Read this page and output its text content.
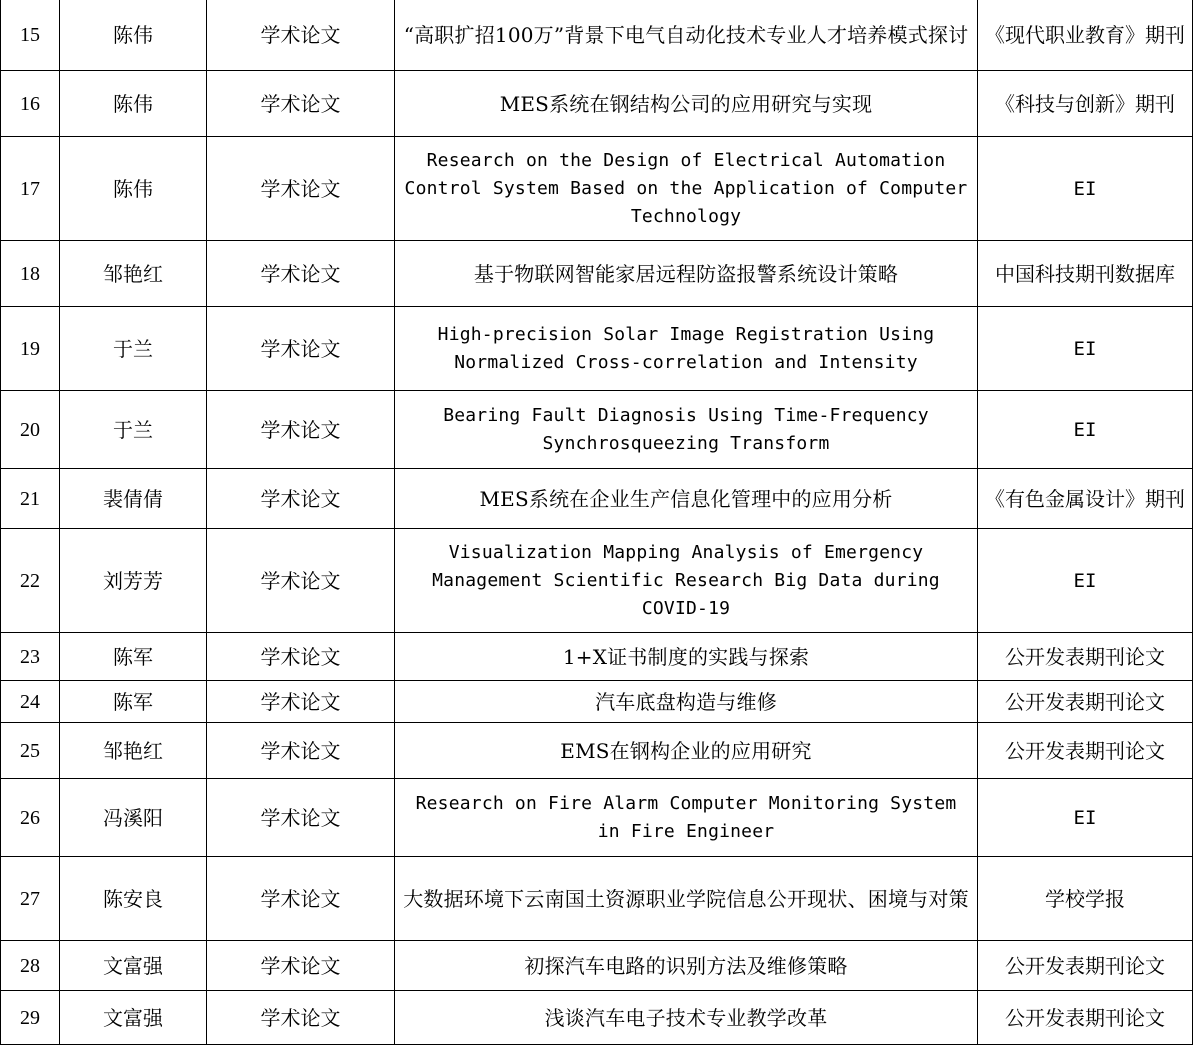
15	陈伟	学术论文	“高职扩招100万”背景下电气自动化技术专业人才培养模式探讨	《现代职业教育》期刊
16	陈伟	学术论文	MES系统在钢结构公司的应用研究与实现	《科技与创新》期刊
17	陈伟	学术论文	Research on the Design of Electrical Automation Control System Based on the Application of Computer Technology	EI
18	邹艳红	学术论文	基于物联网智能家居远程防盗报警系统设计策略	中国科技期刊数据库
19	于兰	学术论文	High-precision Solar Image Registration Using Normalized Cross-correlation and Intensity	EI
20	于兰	学术论文	Bearing Fault Diagnosis Using Time-Frequency Synchrosqueezing Transform	EI
21	裴倩倩	学术论文	MES系统在企业生产信息化管理中的应用分析	《有色金属设计》期刊
22	刘芳芳	学术论文	Visualization Mapping Analysis of Emergency Management Scientific Research Big Data during COVID-19	EI
23	陈军	学术论文	1+X证书制度的实践与探索	公开发表期刊论文
24	陈军	学术论文	汽车底盘构造与维修	公开发表期刊论文
25	邹艳红	学术论文	EMS在钢构企业的应用研究	公开发表期刊论文
26	冯溪阳	学术论文	Research on Fire Alarm Computer Monitoring System in Fire Engineer	EI
27	陈安良	学术论文	大数据环境下云南国土资源职业学院信息公开现状、困境与对策	学校学报
28	文富强	学术论文	初探汽车电路的识别方法及维修策略	公开发表期刊论文
29	文富强	学术论文	浅谈汽车电子技术专业教学改革	公开发表期刊论文
